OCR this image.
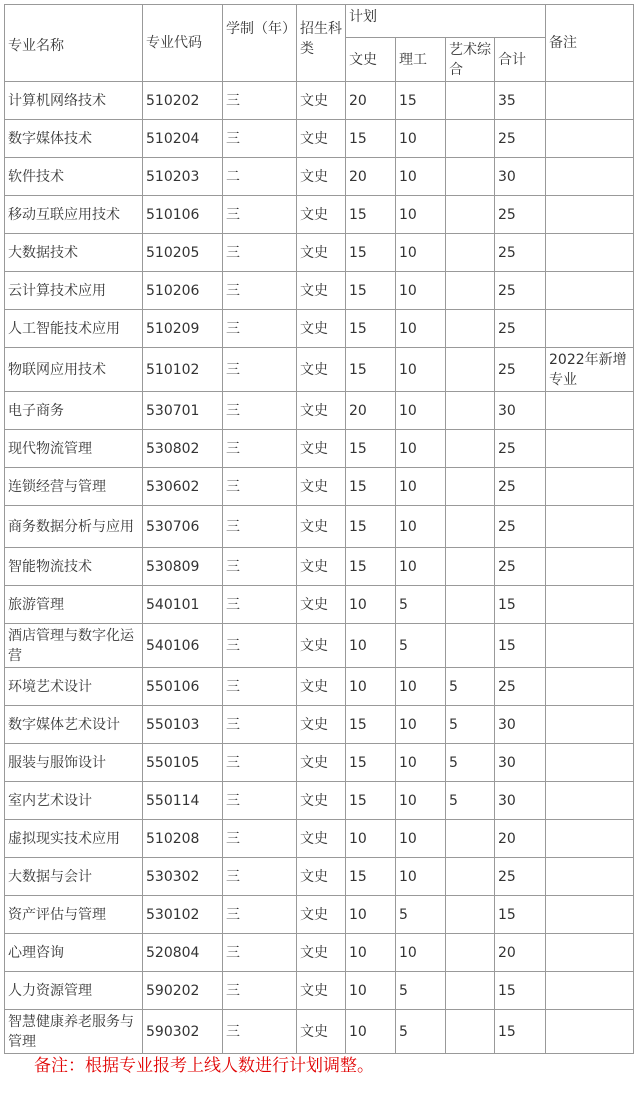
专业名称	专业代码	学制（年）	招生科类	计划				备注
				文史	理工	艺术综合	合计	
计算机网络技术	510202	三	文史	20	15		35	
数字媒体技术	510204	三	文史	15	10		25	
软件技术	510203	二	文史	20	10		30	
移动互联应用技术	510106	三	文史	15	10		25	
大数据技术	510205	三	文史	15	10		25	
云计算技术应用	510206	三	文史	15	10		25	
人工智能技术应用	510209	三	文史	15	10		25	
物联网应用技术	510102	三	文史	15	10		25	2022年新增专业
电子商务	530701	三	文史	20	10		30	
现代物流管理	530802	三	文史	15	10		25	
连锁经营与管理	530602	三	文史	15	10		25	
商务数据分析与应用	530706	三	文史	15	10		25	
智能物流技术	530809	三	文史	15	10		25	
旅游管理	540101	三	文史	10	5		15	
酒店管理与数字化运营	540106	三	文史	10	5		15	
环境艺术设计	550106	三	文史	10	10	5	25	
数字媒体艺术设计	550103	三	文史	15	10	5	30	
服装与服饰设计	550105	三	文史	15	10	5	30	
室内艺术设计	550114	三	文史	15	10	5	30	
虚拟现实技术应用	510208	三	文史	10	10		20	
大数据与会计	530302	三	文史	15	10		25	
资产评估与管理	530102	三	文史	10	5		15	
心理咨询	520804	三	文史	10	10		20	
人力资源管理	590202	三	文史	10	5		15	
智慧健康养老服务与管理	590302	三	文史	10	5		15	
备注：根据专业报考上线人数进行计划调整。
